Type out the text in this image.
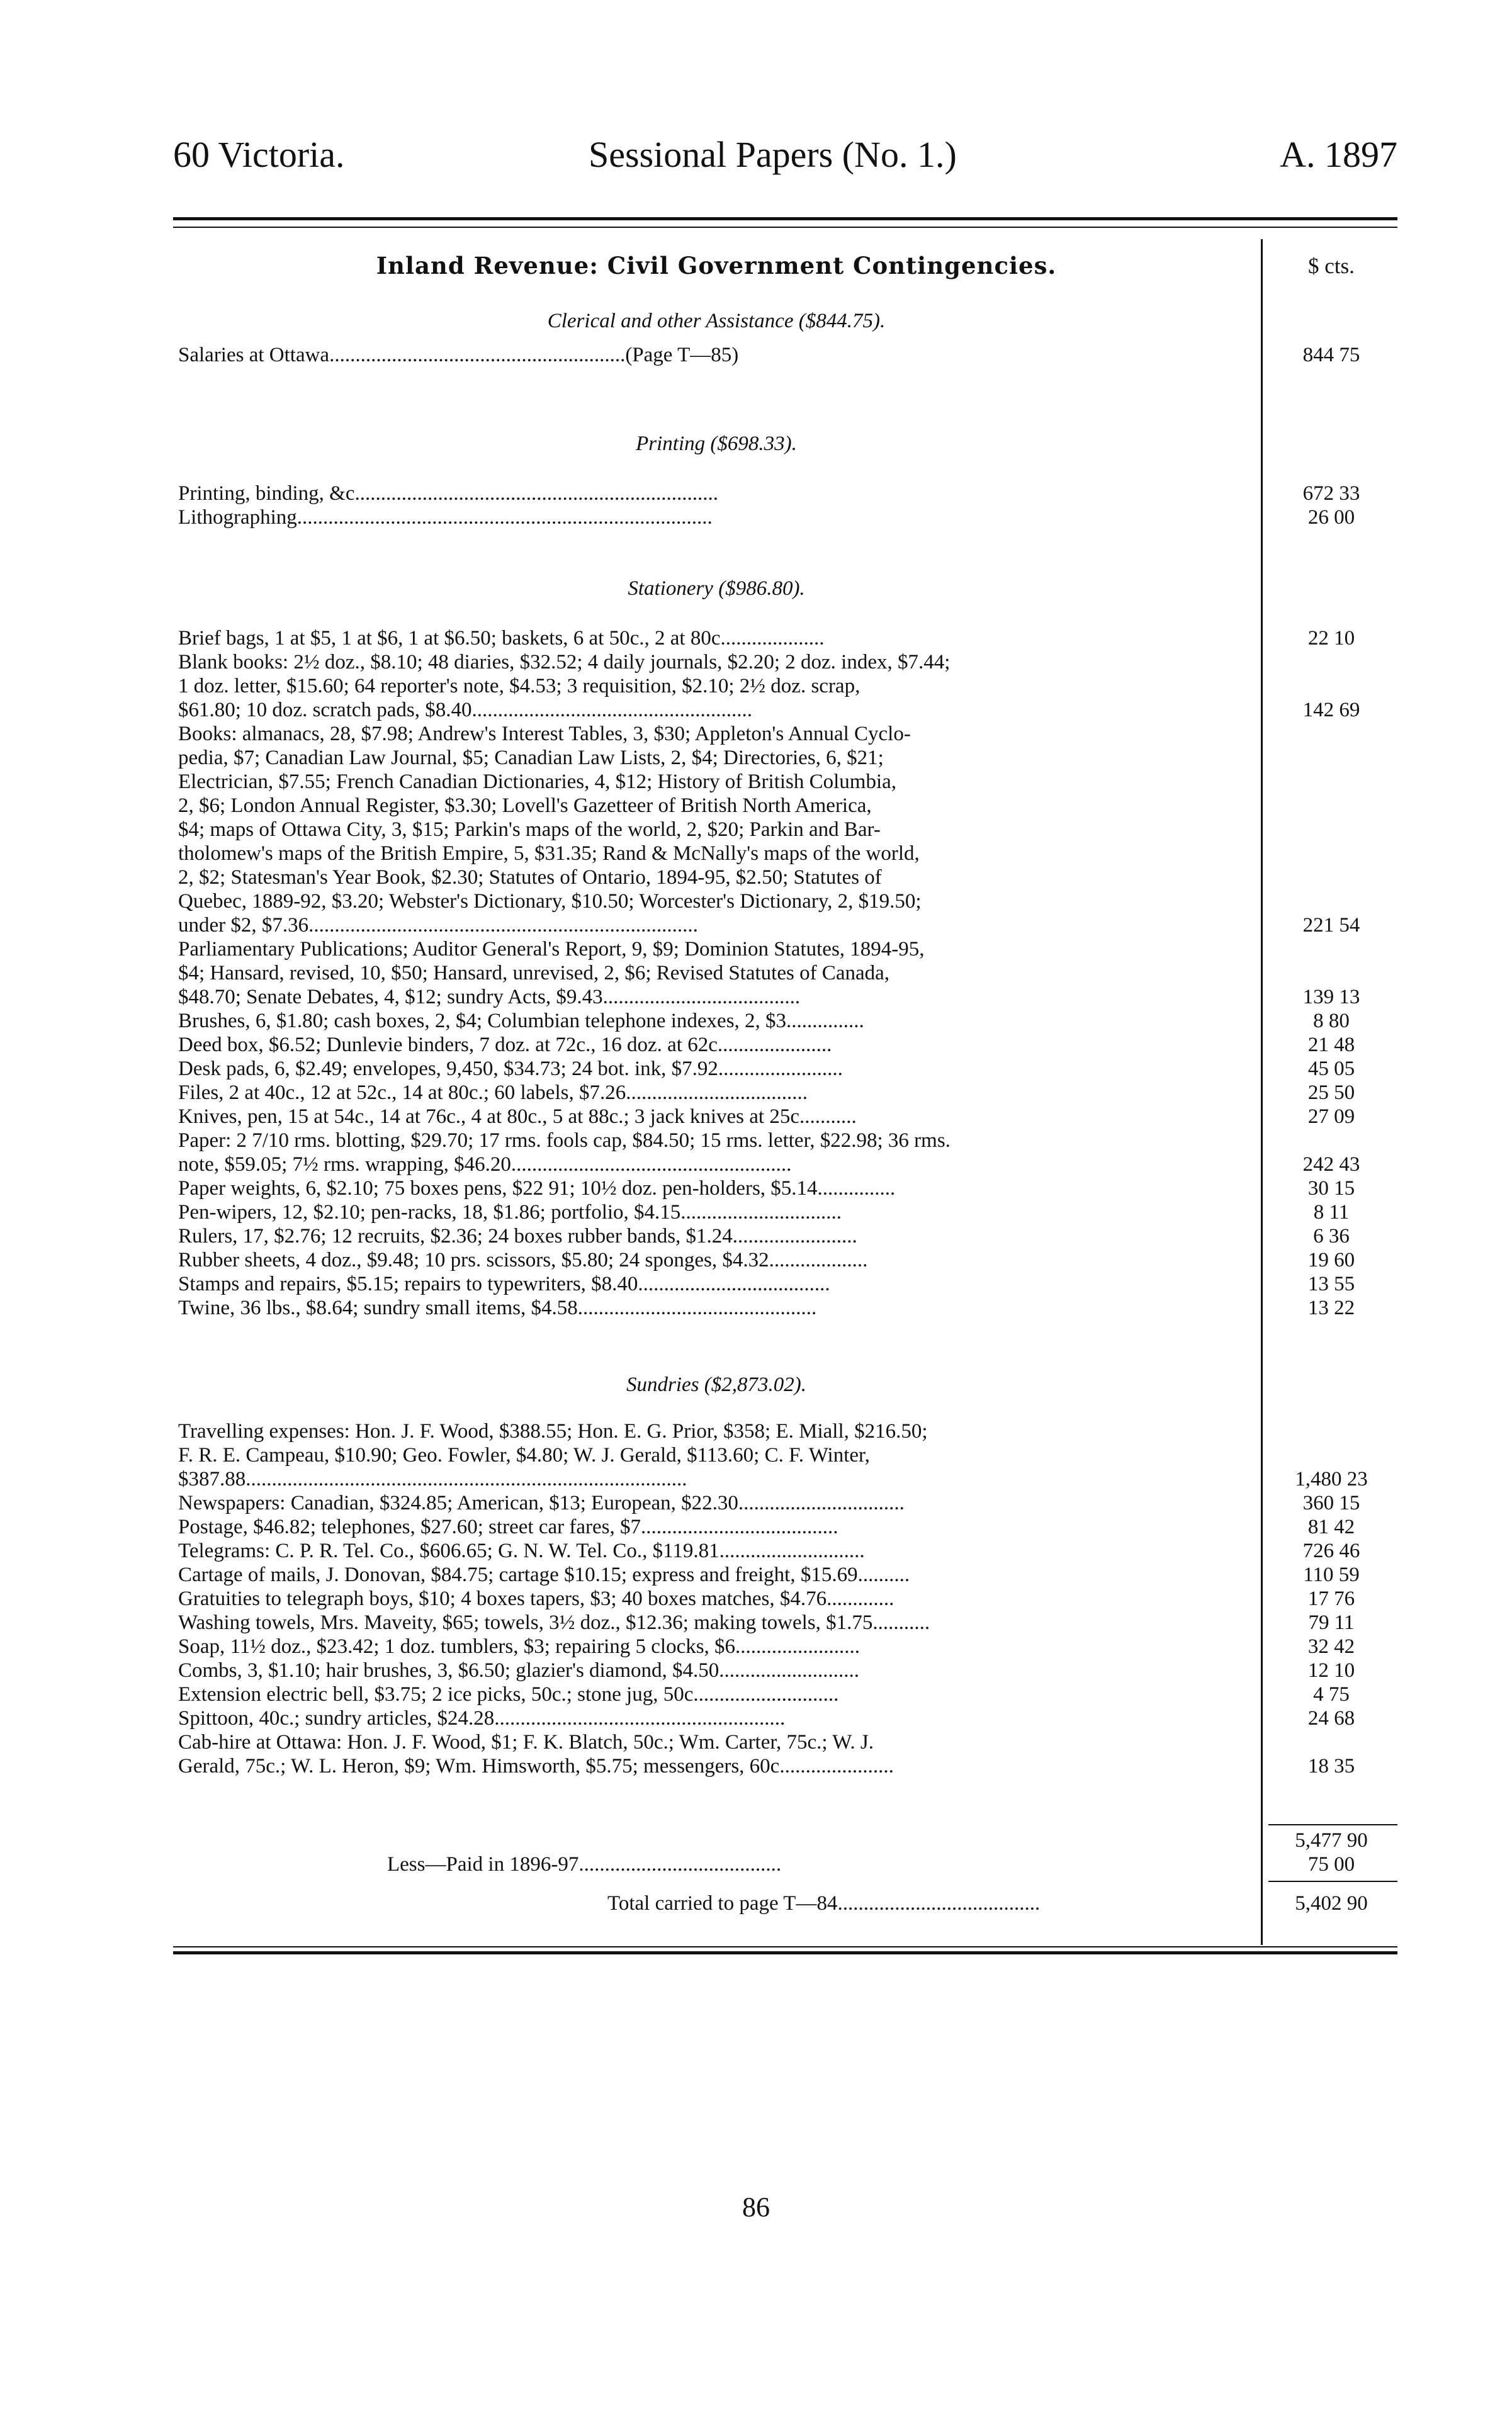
60 Victoria.	Sessional Papers (No. 1.)	A. 1897
Inland Revenue: Civil Government Contingencies.	$ cts.
Clerical and other Assistance ($844.75).
Salaries at Ottawa.........................................................(Page T—85)	844 75
Printing ($698.33).
Printing, binding, &c......................................................................	672 33
Lithographing................................................................................	26 00
Stationery ($986.80).
Brief bags, 1 at $5, 1 at $6, 1 at $6.50; baskets, 6 at 50c., 2 at 80c....................	22 10
Blank books: 2½ doz., $8.10; 48 diaries, $32.52; 4 daily journals, $2.20; 2 doz. index, $7.44;
1 doz. letter, $15.60; 64 reporter's note, $4.53; 3 requisition, $2.10; 2½ doz. scrap,
$61.80; 10 doz. scratch pads, $8.40......................................................	142 69
Books: almanacs, 28, $7.98; Andrew's Interest Tables, 3, $30; Appleton's Annual Cyclo-
pedia, $7; Canadian Law Journal, $5; Canadian Law Lists, 2, $4; Directories, 6, $21;
Electrician, $7.55; French Canadian Dictionaries, 4, $12; History of British Columbia,
2, $6; London Annual Register, $3.30; Lovell's Gazetteer of British North America,
$4; maps of Ottawa City, 3, $15; Parkin's maps of the world, 2, $20; Parkin and Bar-
tholomew's maps of the British Empire, 5, $31.35; Rand & McNally's maps of the world,
2, $2; Statesman's Year Book, $2.30; Statutes of Ontario, 1894-95, $2.50; Statutes of
Quebec, 1889-92, $3.20; Webster's Dictionary, $10.50; Worcester's Dictionary, 2, $19.50;
under $2, $7.36...........................................................................	221 54
Parliamentary Publications; Auditor General's Report, 9, $9; Dominion Statutes, 1894-95,
$4; Hansard, revised, 10, $50; Hansard, unrevised, 2, $6; Revised Statutes of Canada,
$48.70; Senate Debates, 4, $12; sundry Acts, $9.43......................................	139 13
Brushes, 6, $1.80; cash boxes, 2, $4; Columbian telephone indexes, 2, $3...............	8 80
Deed box, $6.52; Dunlevie binders, 7 doz. at 72c., 16 doz. at 62c......................	21 48
Desk pads, 6, $2.49; envelopes, 9,450, $34.73; 24 bot. ink, $7.92........................	45 05
Files, 2 at 40c., 12 at 52c., 14 at 80c.; 60 labels, $7.26...................................	25 50
Knives, pen, 15 at 54c., 14 at 76c., 4 at 80c., 5 at 88c.; 3 jack knives at 25c...........	27 09
Paper: 2 7/10 rms. blotting, $29.70; 17 rms. fools cap, $84.50; 15 rms. letter, $22.98; 36 rms.
note, $59.05; 7½ rms. wrapping, $46.20......................................................	242 43
Paper weights, 6, $2.10; 75 boxes pens, $22 91; 10½ doz. pen-holders, $5.14...............	30 15
Pen-wipers, 12, $2.10; pen-racks, 18, $1.86; portfolio, $4.15...............................	8 11
Rulers, 17, $2.76; 12 recruits, $2.36; 24 boxes rubber bands, $1.24........................	6 36
Rubber sheets, 4 doz., $9.48; 10 prs. scissors, $5.80; 24 sponges, $4.32...................	19 60
Stamps and repairs, $5.15; repairs to typewriters, $8.40.....................................	13 55
Twine, 36 lbs., $8.64; sundry small items, $4.58..............................................	13 22
Sundries ($2,873.02).
Travelling expenses: Hon. J. F. Wood, $388.55; Hon. E. G. Prior, $358; E. Miall, $216.50;
F. R. E. Campeau, $10.90; Geo. Fowler, $4.80; W. J. Gerald, $113.60; C. F. Winter,
$387.88.....................................................................................	1,480 23
Newspapers: Canadian, $324.85; American, $13; European, $22.30................................	360 15
Postage, $46.82; telephones, $27.60; street car fares, $7......................................	81 42
Telegrams: C. P. R. Tel. Co., $606.65; G. N. W. Tel. Co., $119.81............................	726 46
Cartage of mails, J. Donovan, $84.75; cartage $10.15; express and freight, $15.69..........	110 59
Gratuities to telegraph boys, $10; 4 boxes tapers, $3; 40 boxes matches, $4.76.............	17 76
Washing towels, Mrs. Maveity, $65; towels, 3½ doz., $12.36; making towels, $1.75...........	79 11
Soap, 11½ doz., $23.42; 1 doz. tumblers, $3; repairing 5 clocks, $6........................	32 42
Combs, 3, $1.10; hair brushes, 3, $6.50; glazier's diamond, $4.50...........................	12 10
Extension electric bell, $3.75; 2 ice picks, 50c.; stone jug, 50c............................	4 75
Spittoon, 40c.; sundry articles, $24.28........................................................	24 68
Cab-hire at Ottawa: Hon. J. F. Wood, $1; F. K. Blatch, 50c.; Wm. Carter, 75c.; W. J.
Gerald, 75c.; W. L. Heron, $9; Wm. Himsworth, $5.75; messengers, 60c......................	18 35
5,477 90
Less—Paid in 1896-97.......................................	75 00
Total carried to page T—84.......................................	5,402 90
86
